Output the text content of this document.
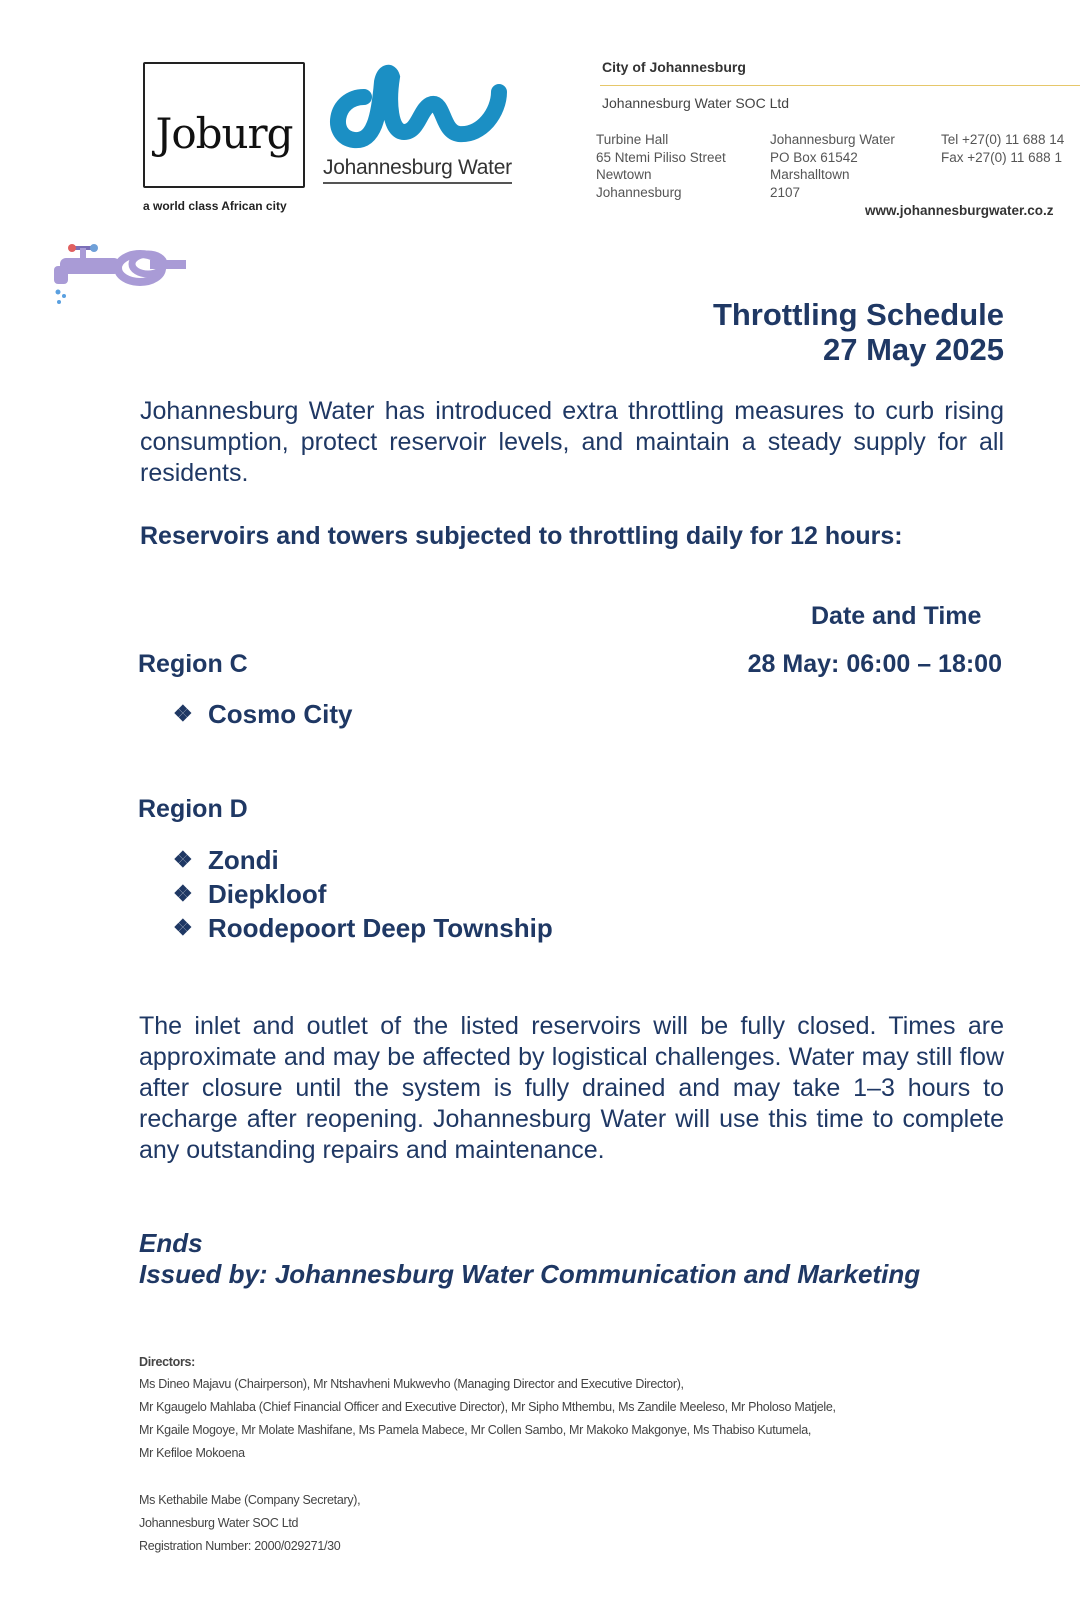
Joburg
a world class African city
Johannesburg Water
City of Johannesburg
Johannesburg Water SOC Ltd
Turbine Hall
65 Ntemi Piliso Street
Newtown
Johannesburg
Johannesburg Water
PO Box 61542
Marshalltown
2107
Tel +27(0) 11 688 14
Fax +27(0) 11 688 1
www.johannesburgwater.co.z
Throttling Schedule
27 May 2025
Johannesburg Water has introduced extra throttling measures to curb rising consumption, protect reservoir levels, and maintain a steady supply for all residents.
Reservoirs and towers subjected to throttling daily for 12 hours:
Date and Time
28 May: 06:00 – 18:00
Region C
❖ Cosmo City
Region D
❖ Zondi
❖ Diepkloof
❖ Roodepoort Deep Township
The inlet and outlet of the listed reservoirs will be fully closed. Times are approximate and may be affected by logistical challenges. Water may still flow after closure until the system is fully drained and may take 1–3 hours to recharge after reopening. Johannesburg Water will use this time to complete any outstanding repairs and maintenance.
Ends
Issued by: Johannesburg Water Communication and Marketing
Directors:
Ms Dineo Majavu (Chairperson), Mr Ntshavheni Mukwevho (Managing Director and Executive Director),
Mr Kgaugelo Mahlaba (Chief Financial Officer and Executive Director), Mr Sipho Mthembu, Ms Zandile Meeleso, Mr Pholoso Matjele,
Mr Kgaile Mogoye, Mr Molate Mashifane, Ms Pamela Mabece, Mr Collen Sambo, Mr Makoko Makgonye, Ms Thabiso Kutumela,
Mr Kefiloe Mokoena
Ms Kethabile Mabe (Company Secretary),
Johannesburg Water SOC Ltd
Registration Number: 2000/029271/30
